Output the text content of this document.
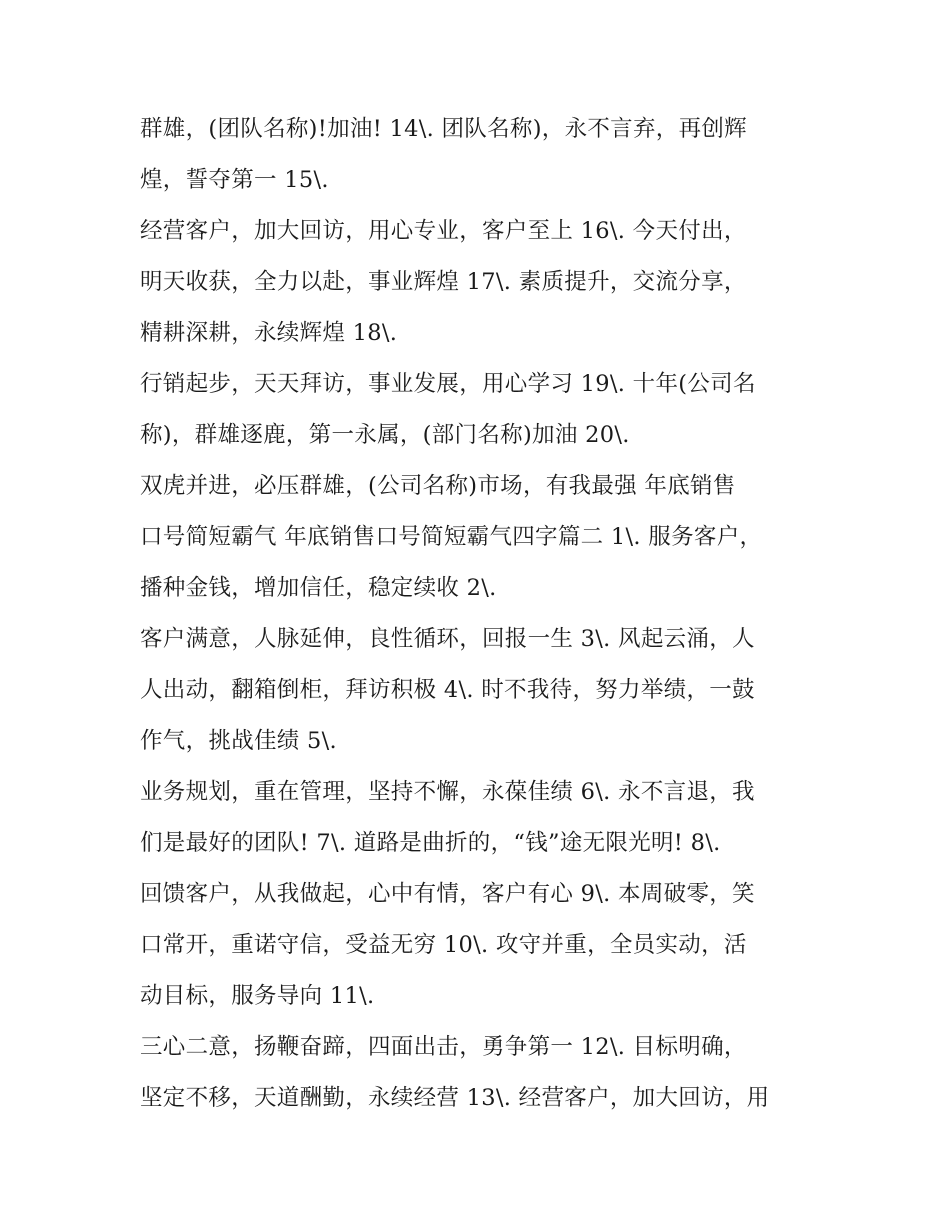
群雄，(团队名称)!加油! 14\. 团队名称)，永不言弃，再创辉
煌，誓夺第一 15\.
经营客户，加大回访，用心专业，客户至上 16\. 今天付出，
明天收获，全力以赴，事业辉煌 17\. 素质提升，交流分享，
精耕深耕，永续辉煌 18\.
行销起步，天天拜访，事业发展，用心学习 19\. 十年(公司名
称)，群雄逐鹿，第一永属，(部门名称)加油 20\.
双虎并进，必压群雄，(公司名称)市场，有我最强 年底销售
口号简短霸气 年底销售口号简短霸气四字篇二 1\. 服务客户，
播种金钱，增加信任，稳定续收 2\.
客户满意，人脉延伸，良性循环，回报一生 3\. 风起云涌，人
人出动，翻箱倒柜，拜访积极 4\. 时不我待，努力举绩，一鼓
作气，挑战佳绩 5\.
业务规划，重在管理，坚持不懈，永葆佳绩 6\. 永不言退，我
们是最好的团队! 7\. 道路是曲折的，“钱”途无限光明! 8\.
回馈客户，从我做起，心中有情，客户有心 9\. 本周破零，笑
口常开，重诺守信，受益无穷 10\. 攻守并重，全员实动，活
动目标，服务导向 11\.
三心二意，扬鞭奋蹄，四面出击，勇争第一 12\. 目标明确，
坚定不移，天道酬勤，永续经营 13\. 经营客户，加大回访，用
